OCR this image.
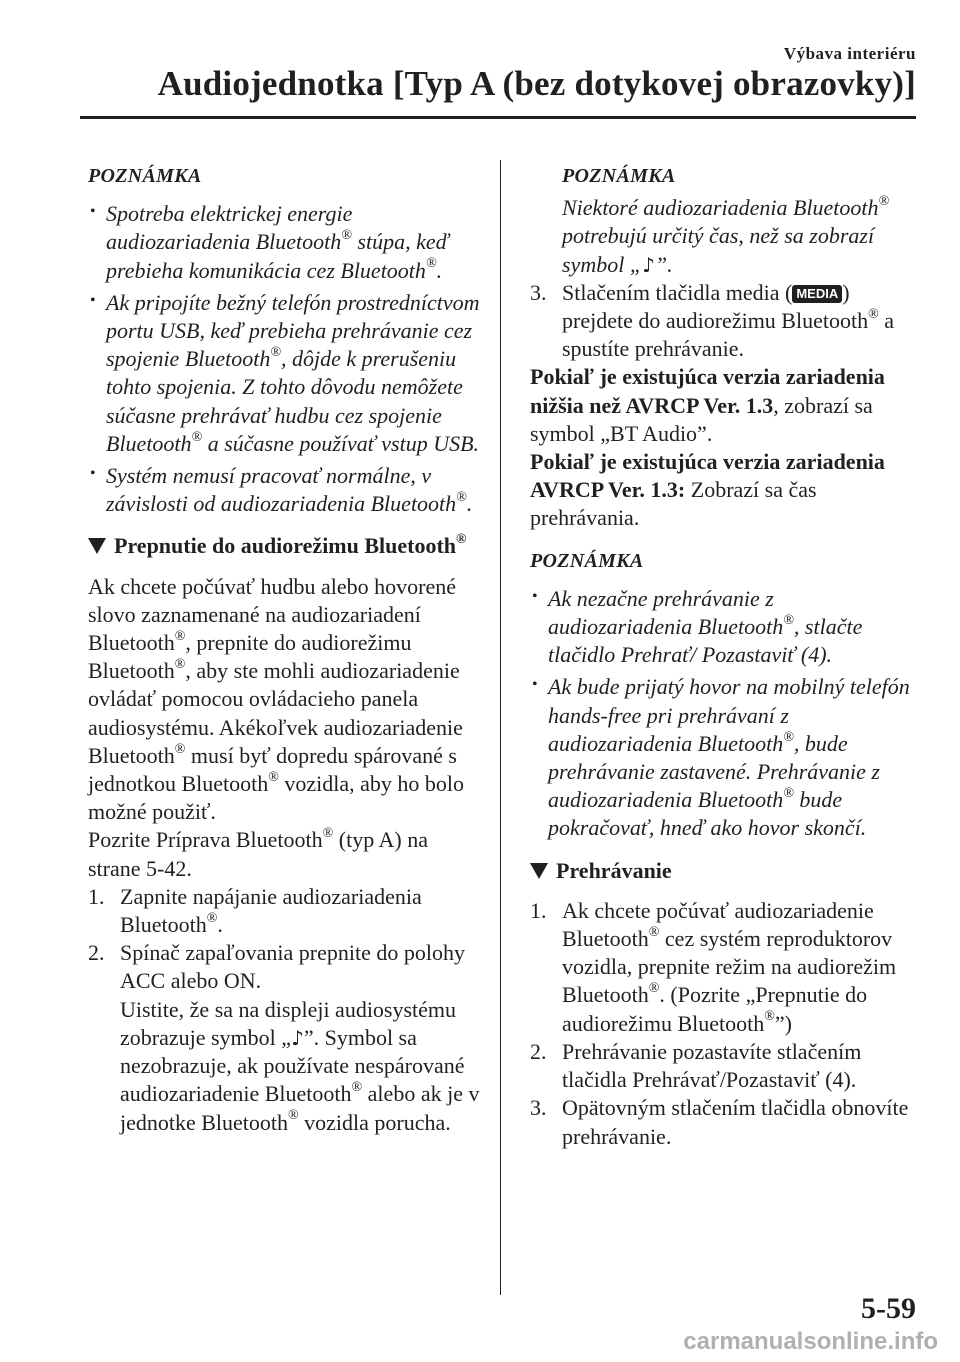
Výbava interiéru
Audiojednotka [Typ A (bez dotykovej obrazovky)]
POZNÁMKA
• Spotreba elektrickej energie audiozariadenia Bluetooth® stúpa, keď prebieha komunikácia cez Bluetooth®.
• Ak pripojíte bežný telefón prostredníctvom portu USB, keď prebieha prehrávanie cez spojenie Bluetooth®, dôjde k prerušeniu tohto spojenia. Z tohto dôvodu nemôžete súčasne prehrávať hudbu cez spojenie Bluetooth® a súčasne používať vstup USB.
• Systém nemusí pracovať normálne, v závislosti od audiozariadenia Bluetooth®.
Prepnutie do audiorežimu Bluetooth®

Ak chcete počúvať hudbu alebo hovorené slovo zaznamenané na audiozariadení Bluetooth®, prepnite do audiorežimu Bluetooth®, aby ste mohli audiozariadenie ovládať pomocou ovládacieho panela audiosystému. Akékoľvek audiozariadenie Bluetooth® musí byť dopredu spárované s jednotkou Bluetooth® vozidla, aby ho bolo možné použiť.

Pozrite Príprava Bluetooth® (typ A) na strane 5-42.

1. Zapnite napájanie audiozariadenia Bluetooth®.
2. Spínač zapaľovania prepnite do polohy ACC alebo ON.
Uistite, že sa na displeji audiosystému zobrazuje symbol „♪”. Symbol sa nezobrazuje, ak používate nespárované audiozariadenie Bluetooth® alebo ak je v jednotke Bluetooth® vozidla porucha.
POZNÁMKA

Niektoré audiozariadenia Bluetooth® potrebujú určitý čas, než sa zobrazí symbol „♪”.

3. Stlačením tlačidla media ( MEDIA ) prejdete do audiorežimu Bluetooth® a spustíte prehrávanie.

Pokiaľ je existujúca verzia zariadenia nižšia než AVRCP Ver. 1.3, zobrazí sa symbol „BT Audio”.

Pokiaľ je existujúca verzia zariadenia AVRCP Ver. 1.3: Zobrazí sa čas prehrávania.

POZNÁMKA
• Ak nezačne prehrávanie z audiozariadenia Bluetooth®, stlačte tlačidlo Prehrať/ Pozastaviť (4).
• Ak bude prijatý hovor na mobilný telefón hands-free pri prehrávaní z audiozariadenia Bluetooth®, bude prehrávanie zastavené. Prehrávanie z audiozariadenia Bluetooth® bude pokračovať, hneď ako hovor skončí.
Prehrávanie
1. Ak chcete počúvať audiozariadenie Bluetooth® cez systém reproduktorov vozidla, prepnite režim na audiorežim Bluetooth®. (Pozrite „Prepnutie do audiorežimu Bluetooth®”)
2. Prehrávanie pozastavíte stlačením tlačidla Prehrávať/Pozastaviť (4).
3. Opätovným stlačením tlačidla obnovíte prehrávanie.
5-59
carmanualsonline.info
